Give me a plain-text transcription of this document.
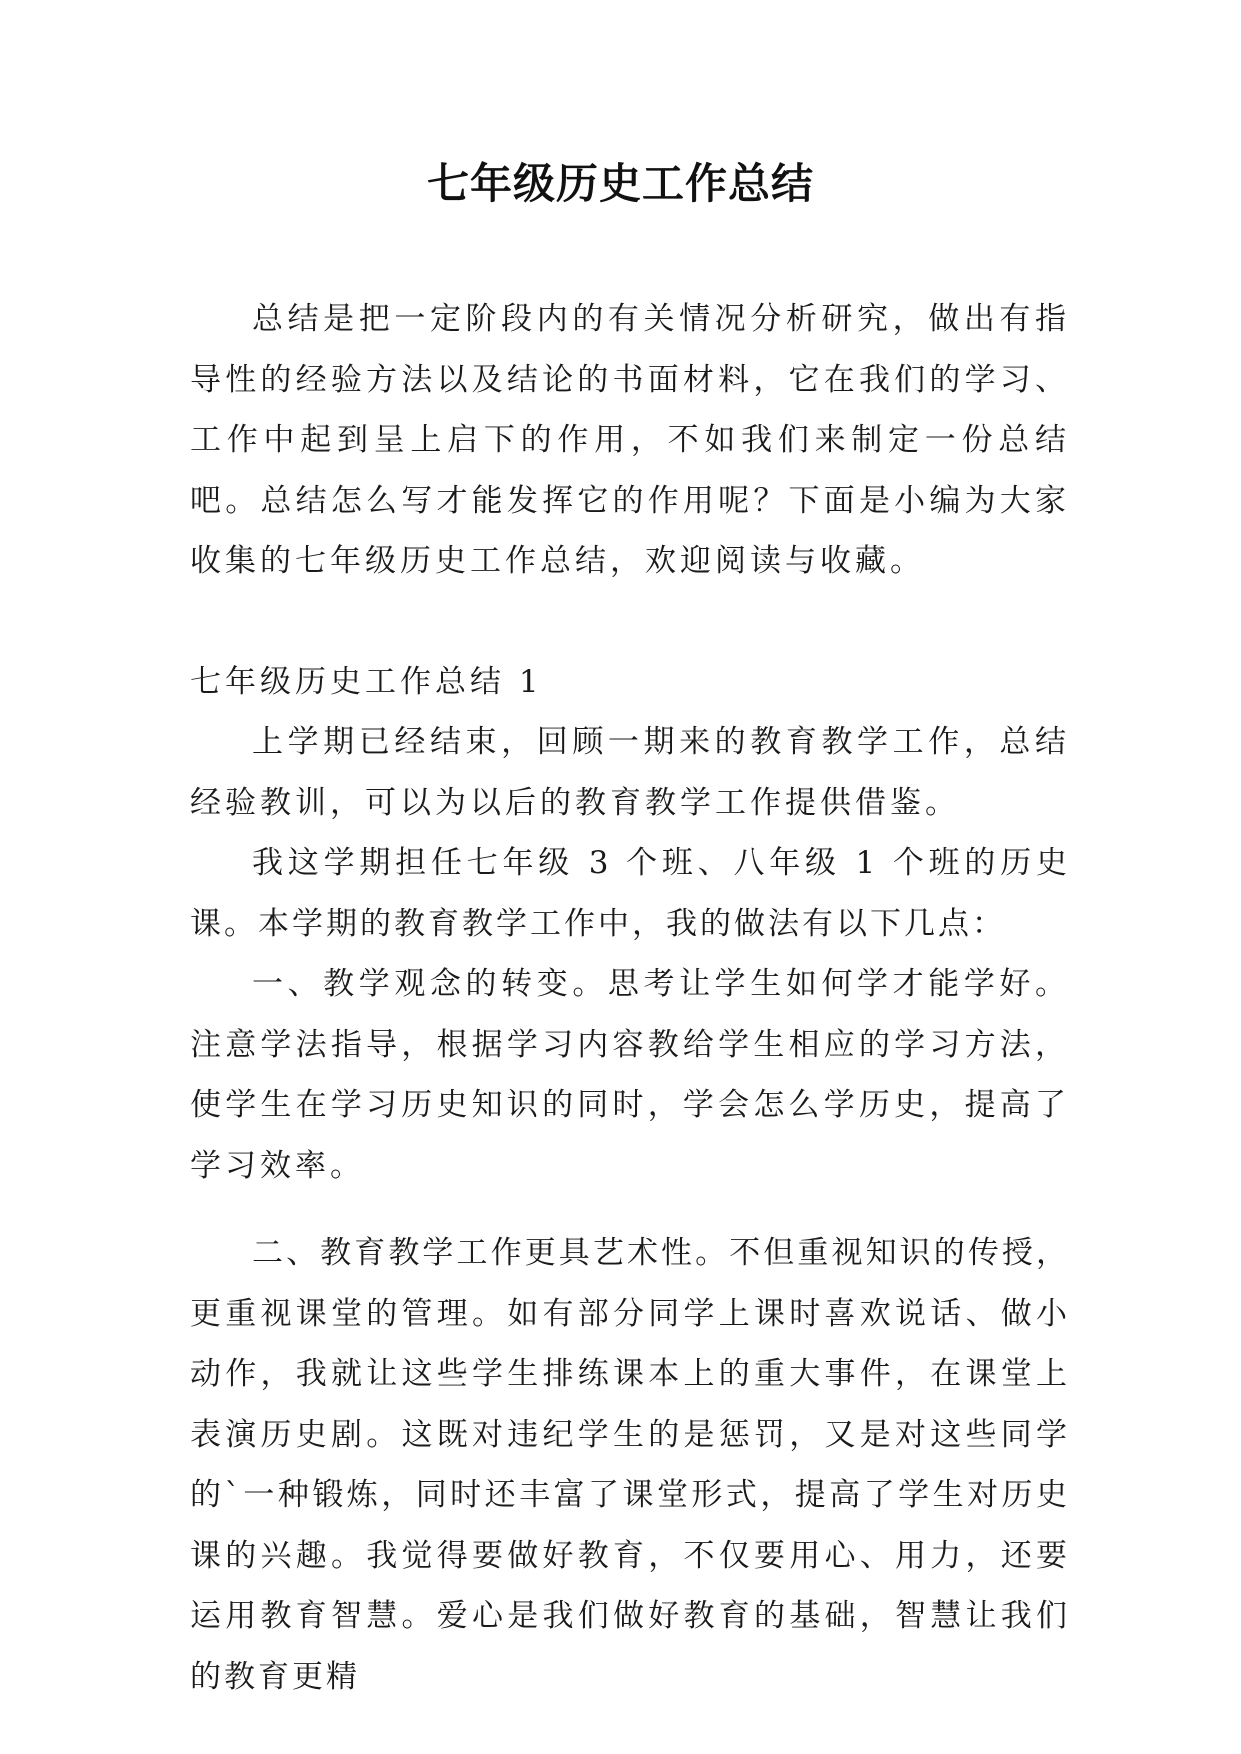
七年级历史工作总结

总结是把一定阶段内的有关情况分析研究，做出有指导性的经验方法以及结论的书面材料，它在我们的学习、工作中起到呈上启下的作用，不如我们来制定一份总结吧。总结怎么写才能发挥它的作用呢？下面是小编为大家收集的七年级历史工作总结，欢迎阅读与收藏。

七年级历史工作总结 1

上学期已经结束，回顾一期来的教育教学工作，总结经验教训，可以为以后的教育教学工作提供借鉴。

我这学期担任七年级 3 个班、八年级 1 个班的历史课。本学期的教育教学工作中，我的做法有以下几点：

一、教学观念的转变。思考让学生如何学才能学好。注意学法指导，根据学习内容教给学生相应的学习方法，使学生在学习历史知识的同时，学会怎么学历史，提高了学习效率。

二、教育教学工作更具艺术性。不但重视知识的传授，更重视课堂的管理。如有部分同学上课时喜欢说话、做小动作，我就让这些学生排练课本上的重大事件，在课堂上表演历史剧。这既对违纪学生的是惩罚，又是对这些同学的`一种锻炼，同时还丰富了课堂形式，提高了学生对历史课的兴趣。我觉得要做好教育，不仅要用心、用力，还要运用教育智慧。爱心是我们做好教育的基础，智慧让我们的教育更精
